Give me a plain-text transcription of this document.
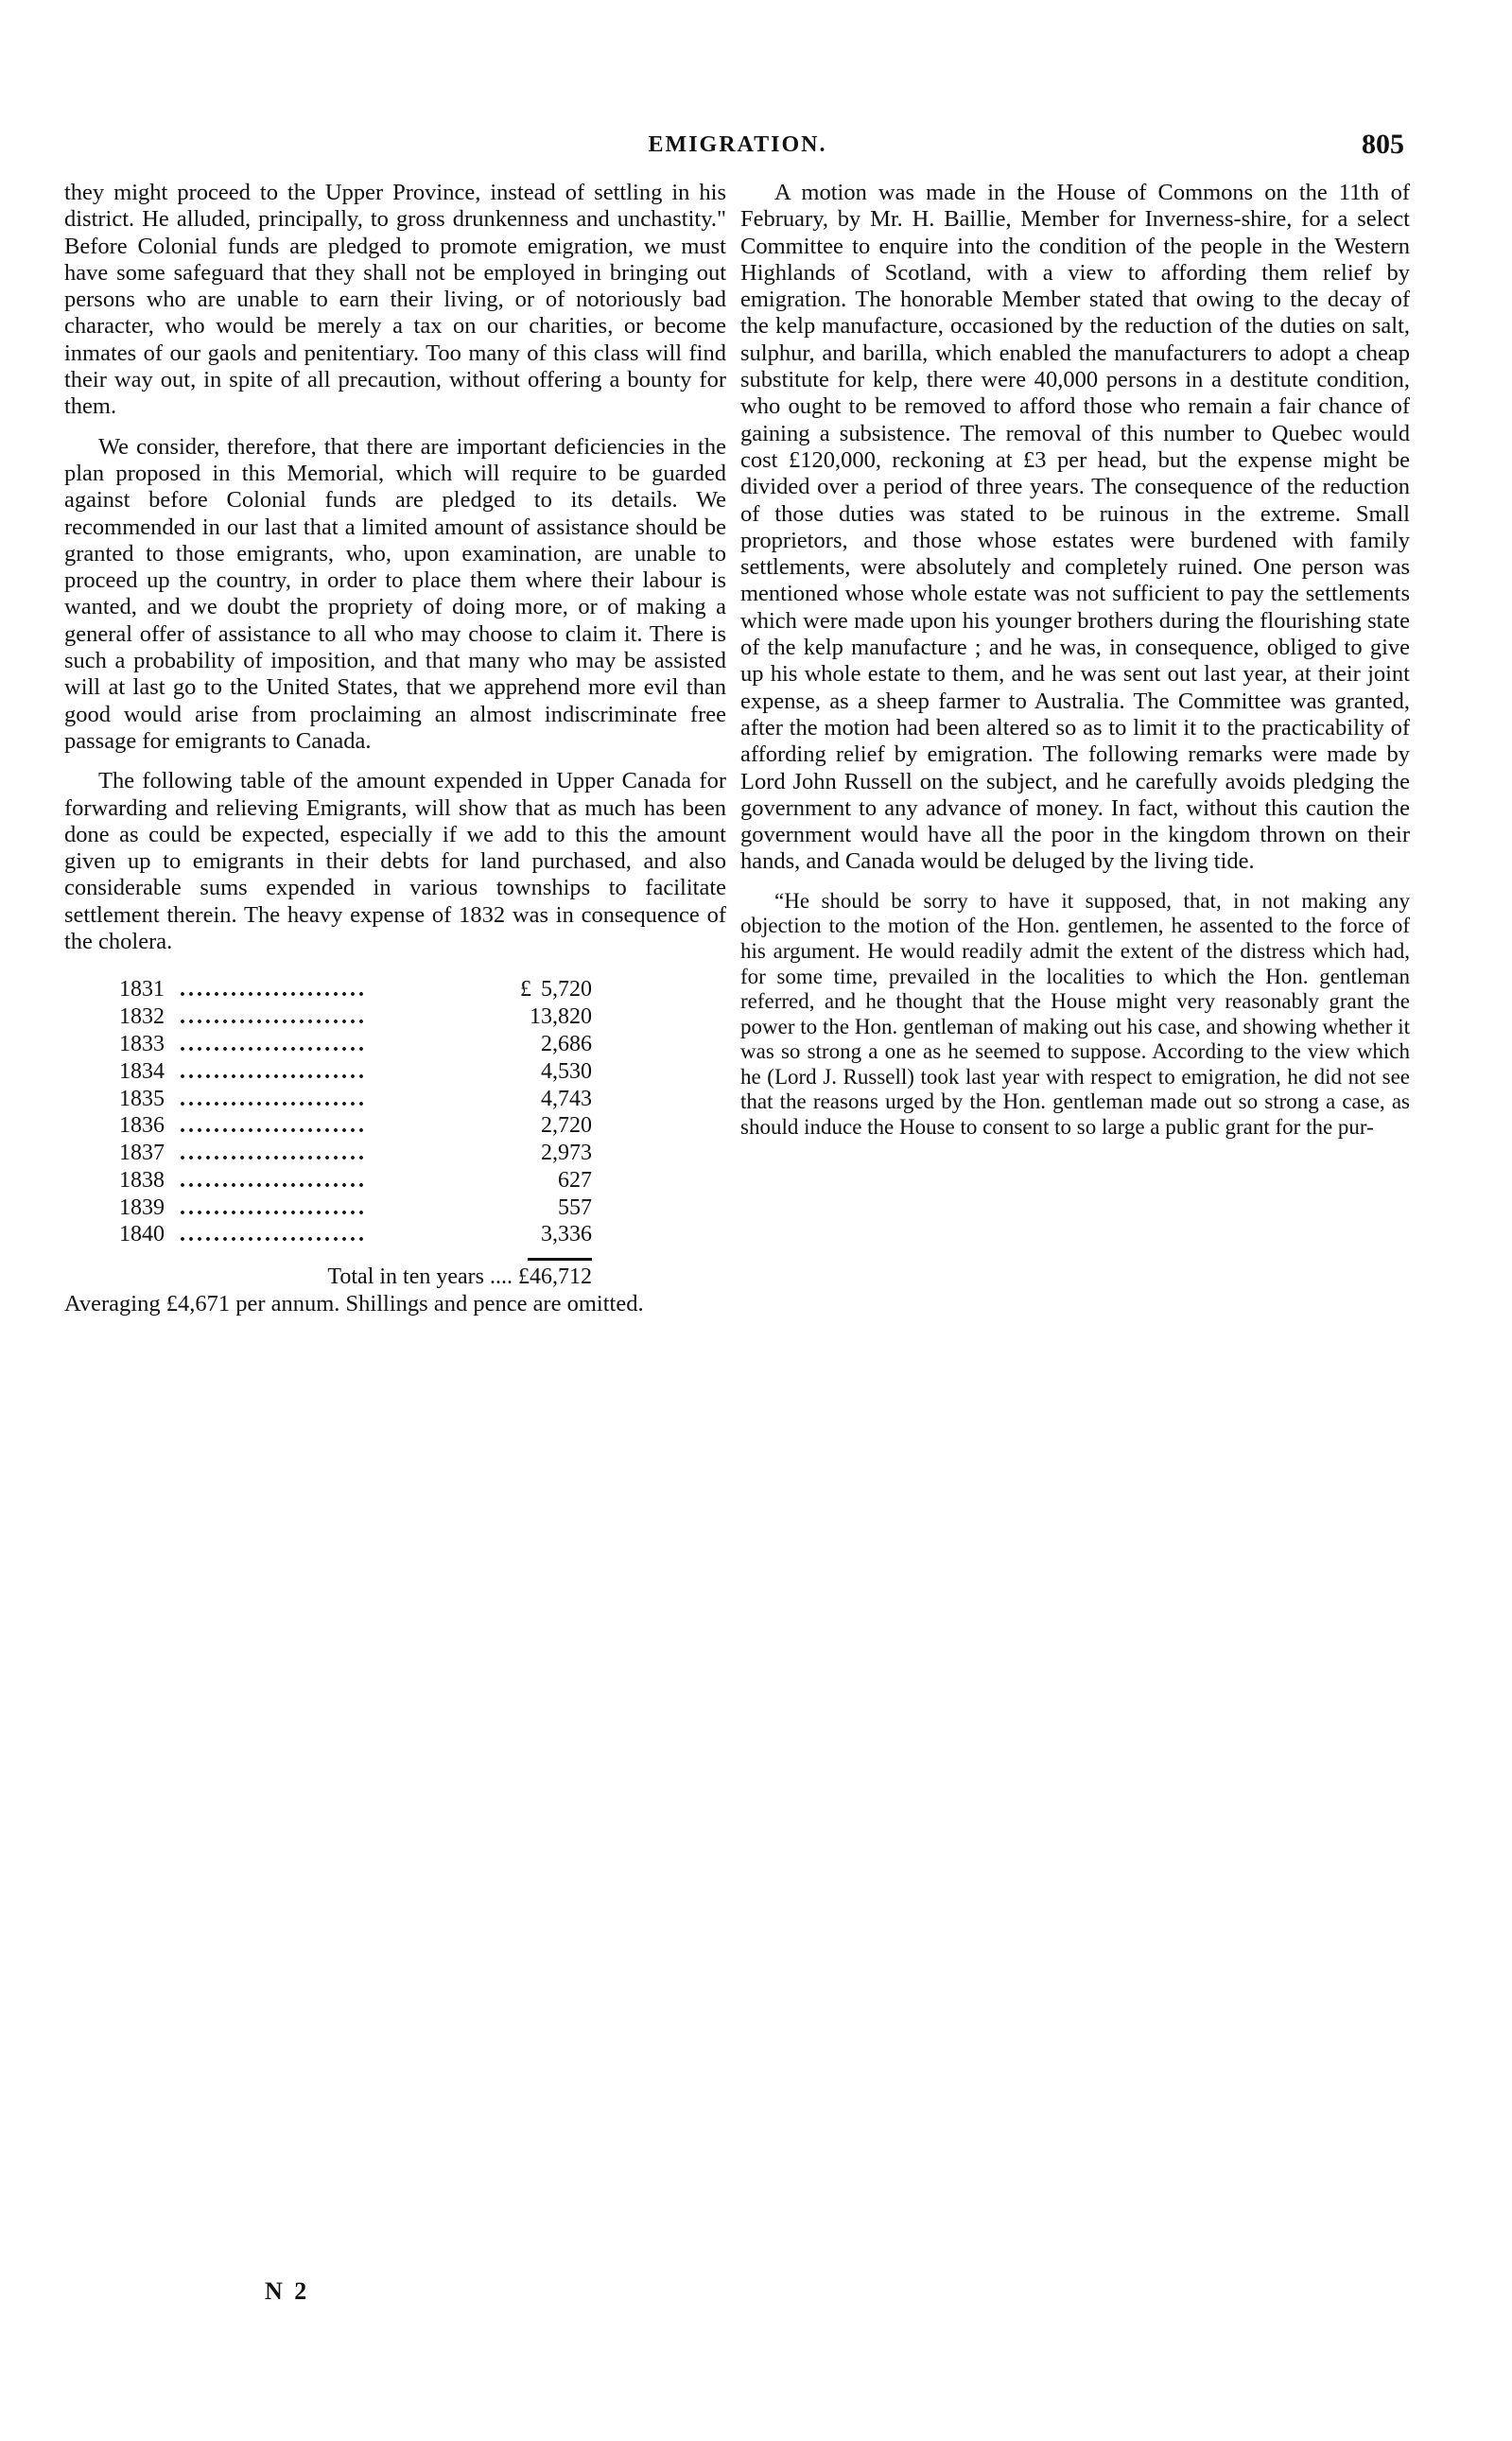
EMIGRATION.	805

they might proceed to the Upper Province, instead of settling in his district. He alluded, principally, to gross drunkenness and unchastity." Before Colonial funds are pledged to promote emigration, we must have some safeguard that they shall not be employed in bringing out persons who are unable to earn their living, or of notoriously bad character, who would be merely a tax on our charities, or become inmates of our gaols and penitentiary. Too many of this class will find their way out, in spite of all precaution, without offering a bounty for them.

We consider, therefore, that there are important deficiencies in the plan proposed in this Memorial, which will require to be guarded against before Colonial funds are pledged to its details. We recommended in our last that a limited amount of assistance should be granted to those emigrants, who, upon examination, are unable to proceed up the country, in order to place them where their labour is wanted, and we doubt the propriety of doing more, or of making a general offer of assistance to all who may choose to claim it. There is such a probability of imposition, and that many who may be assisted will at last go to the United States, that we apprehend more evil than good would arise from proclaiming an almost indiscriminate free passage for emigrants to Canada.

The following table of the amount expended in Upper Canada for forwarding and relieving Emigrants, will show that as much has been done as could be expected, especially if we add to this the amount given up to emigrants in their debts for land purchased, and also considerable sums expended in various townships to facilitate settlement therein. The heavy expense of 1832 was in consequence of the cholera.

1831 ......................	£ 5,720
1832 ......................	13,820
1833 ......................	2,686
1834 ......................	4,530
1835 ......................	4,743
1836 ......................	2,720
1837 ......................	2,973
1838 ......................	627
1839 ......................	557
1840 ......................	3,336
Total in ten years .... £46,712

Averaging £4,671 per annum. Shillings and pence are omitted.

N 2

A motion was made in the House of Commons on the 11th of February, by Mr. H. Baillie, Member for Inverness-shire, for a select Committee to enquire into the condition of the people in the Western Highlands of Scotland, with a view to affording them relief by emigration. The honorable Member stated that owing to the decay of the kelp manufacture, occasioned by the reduction of the duties on salt, sulphur, and barilla, which enabled the manufacturers to adopt a cheap substitute for kelp, there were 40,000 persons in a destitute condition, who ought to be removed to afford those who remain a fair chance of gaining a subsistence. The removal of this number to Quebec would cost £120,000, reckoning at £3 per head, but the expense might be divided over a period of three years. The consequence of the reduction of those duties was stated to be ruinous in the extreme. Small proprietors, and those whose estates were burdened with family settlements, were absolutely and completely ruined. One person was mentioned whose whole estate was not sufficient to pay the settlements which were made upon his younger brothers during the flourishing state of the kelp manufacture ; and he was, in consequence, obliged to give up his whole estate to them, and he was sent out last year, at their joint expense, as a sheep farmer to Australia. The Committee was granted, after the motion had been altered so as to limit it to the practicability of affording relief by emigration. The following remarks were made by Lord John Russell on the subject, and he carefully avoids pledging the government to any advance of money. In fact, without this caution the government would have all the poor in the kingdom thrown on their hands, and Canada would be deluged by the living tide.

“He should be sorry to have it supposed, that, in not making any objection to the motion of the Hon. gentlemen, he assented to the force of his argument. He would readily admit the extent of the distress which had, for some time, prevailed in the localities to which the Hon. gentleman referred, and he thought that the House might very reasonably grant the power to the Hon. gentleman of making out his case, and showing whether it was so strong a one as he seemed to suppose. According to the view which he (Lord J. Russell) took last year with respect to emigration, he did not see that the reasons urged by the Hon. gentleman made out so strong a case, as should induce the House to consent to so large a public grant for the pur-
